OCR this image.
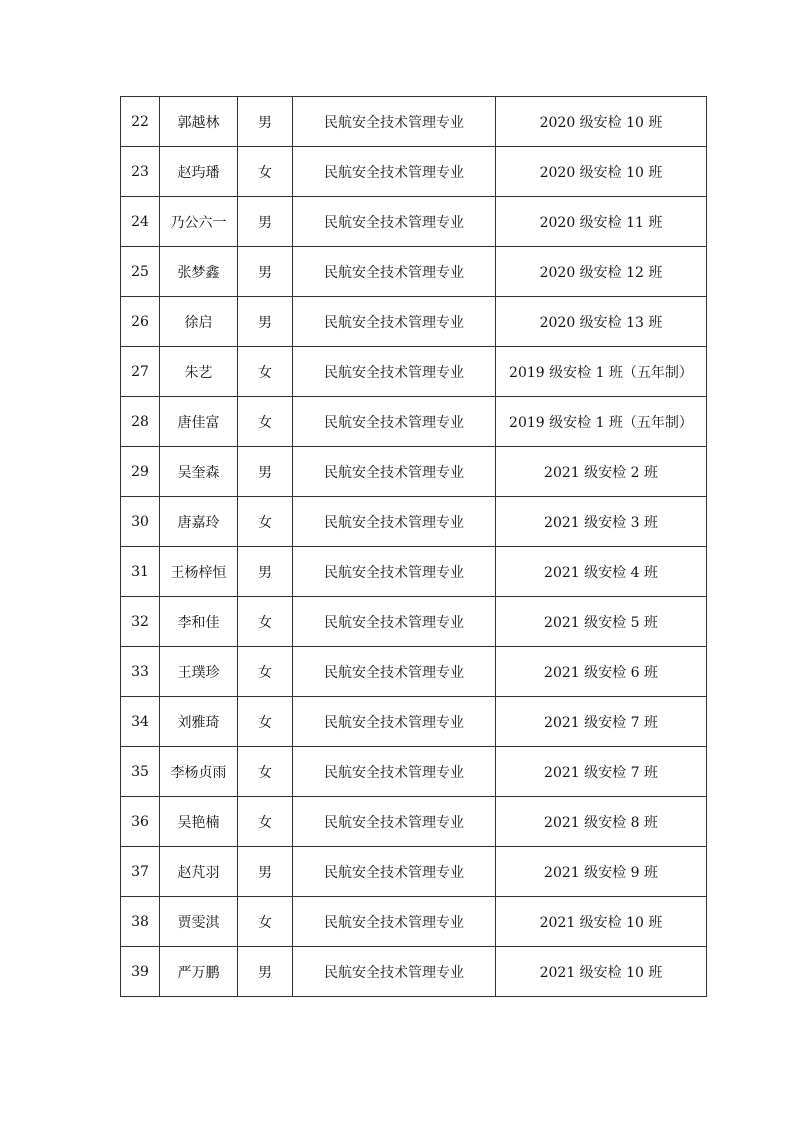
22	郭越林	男	民航安全技术管理专业	2020 级安检 10 班
23	赵玙璠	女	民航安全技术管理专业	2020 级安检 10 班
24	乃公六一	男	民航安全技术管理专业	2020 级安检 11 班
25	张梦鑫	男	民航安全技术管理专业	2020 级安检 12 班
26	徐启	男	民航安全技术管理专业	2020 级安检 13 班
27	朱艺	女	民航安全技术管理专业	2019 级安检 1 班（五年制）
28	唐佳富	女	民航安全技术管理专业	2019 级安检 1 班（五年制）
29	吴奎森	男	民航安全技术管理专业	2021 级安检 2 班
30	唐嘉玲	女	民航安全技术管理专业	2021 级安检 3 班
31	王杨梓恒	男	民航安全技术管理专业	2021 级安检 4 班
32	李和佳	女	民航安全技术管理专业	2021 级安检 5 班
33	王璞珍	女	民航安全技术管理专业	2021 级安检 6 班
34	刘雅琦	女	民航安全技术管理专业	2021 级安检 7 班
35	李杨贞雨	女	民航安全技术管理专业	2021 级安检 7 班
36	吴艳楠	女	民航安全技术管理专业	2021 级安检 8 班
37	赵芃羽	男	民航安全技术管理专业	2021 级安检 9 班
38	贾雯淇	女	民航安全技术管理专业	2021 级安检 10 班
39	严万鹏	男	民航安全技术管理专业	2021 级安检 10 班
